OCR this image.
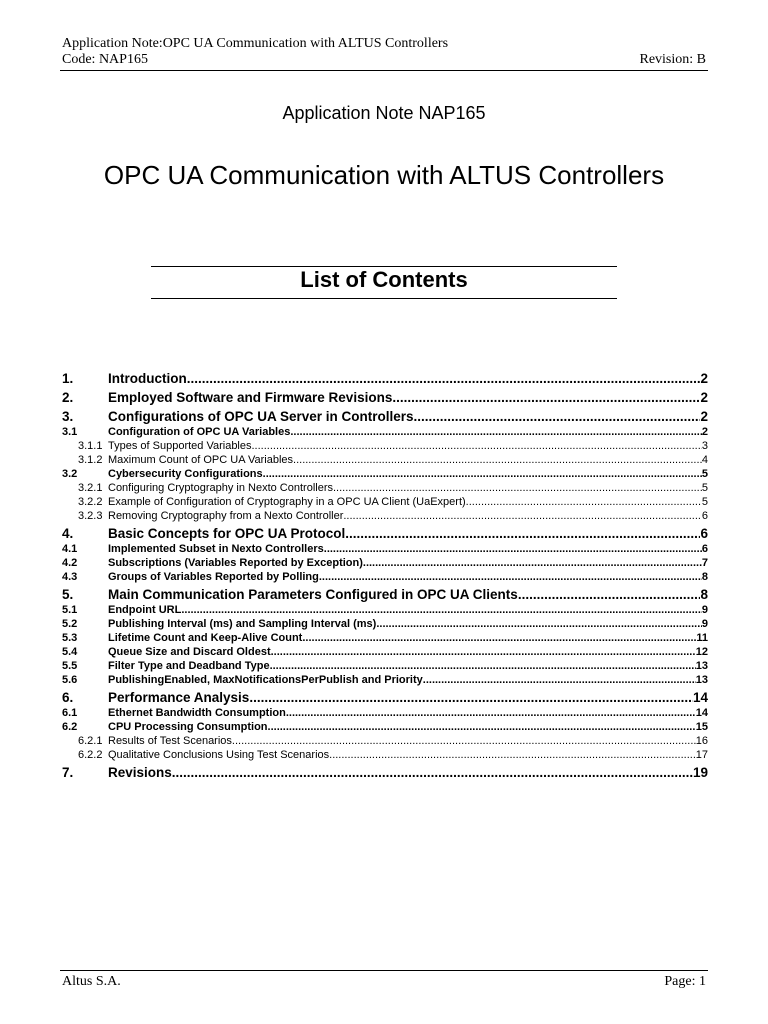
Application Note:OPC UA Communication with ALTUS Controllers
Code: NAP165	Revision: B
Application Note NAP165
OPC UA Communication with ALTUS Controllers
List of Contents
1.	Introduction .....	2
2.	Employed Software and Firmware Revisions .....	2
3.	Configurations of OPC UA Server in Controllers .....	2
3.1	Configuration of OPC UA Variables .....	2
3.1.1 Types of Supported Variables .....	3
3.1.2 Maximum Count of OPC UA Variables .....	4
3.2	Cybersecurity Configurations .....	5
3.2.1 Configuring Cryptography in Nexto Controllers .....	5
3.2.2 Example of Configuration of Cryptography in a OPC UA Client (UaExpert) .....	5
3.2.3 Removing Cryptography from a Nexto Controller .....	6
4.	Basic Concepts for OPC UA Protocol .....	6
4.1	Implemented Subset in Nexto Controllers .....	6
4.2	Subscriptions (Variables Reported by Exception) .....	7
4.3	Groups of Variables Reported by Polling .....	8
5.	Main Communication Parameters Configured in OPC UA Clients .....	8
5.1	Endpoint URL .....	9
5.2	Publishing Interval (ms) and Sampling Interval (ms) .....	9
5.3	Lifetime Count and Keep-Alive Count .....	11
5.4	Queue Size and Discard Oldest .....	12
5.5	Filter Type and Deadband Type .....	13
5.6	PublishingEnabled, MaxNotificationsPerPublish and Priority .....	13
6.	Performance Analysis .....	14
6.1	Ethernet Bandwidth Consumption .....	14
6.2	CPU Processing Consumption .....	15
6.2.1 Results of Test Scenarios .....	16
6.2.2 Qualitative Conclusions Using Test Scenarios .....	17
7.	Revisions .....	19
Altus S.A.	Page: 1
